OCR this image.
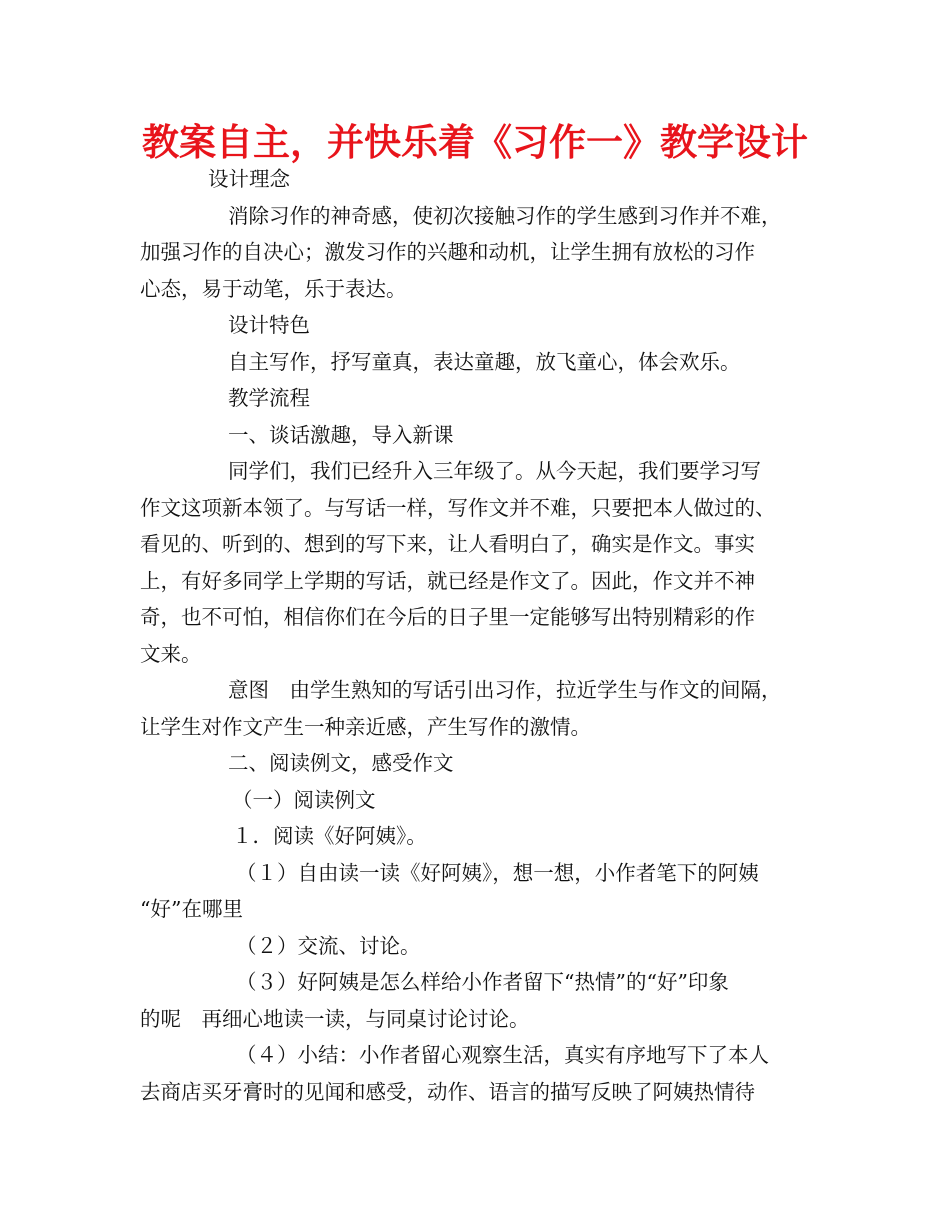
教案自主，并快乐着《习作一》教学设计
设计理念
消除习作的神奇感，使初次接触习作的学生感到习作并不难，
加强习作的自决心；激发习作的兴趣和动机，让学生拥有放松的习作
心态，易于动笔，乐于表达。
设计特色
自主写作，抒写童真，表达童趣，放飞童心，体会欢乐。
教学流程
一、谈话激趣，导入新课
同学们，我们已经升入三年级了。从今天起，我们要学习写
作文这项新本领了。与写话一样，写作文并不难，只要把本人做过的、
看见的、听到的、想到的写下来，让人看明白了，确实是作文。事实
上，有好多同学上学期的写话，就已经是作文了。因此，作文并不神
奇，也不可怕，相信你们在今后的日子里一定能够写出特别精彩的作
文来。
意图　由学生熟知的写话引出习作，拉近学生与作文的间隔，
让学生对作文产生一种亲近感，产生写作的激情。
二、阅读例文，感受作文
（一）阅读例文
１．阅读《好阿姨》。
（１）自由读一读《好阿姨》，想一想，小作者笔下的阿姨
“好”在哪里
（２）交流、讨论。
（３）好阿姨是怎么样给小作者留下“热情”的“好”印象
的呢　再细心地读一读，与同桌讨论讨论。
（４）小结：小作者留心观察生活，真实有序地写下了本人
去商店买牙膏时的见闻和感受，动作、语言的描写反映了阿姨热情待
